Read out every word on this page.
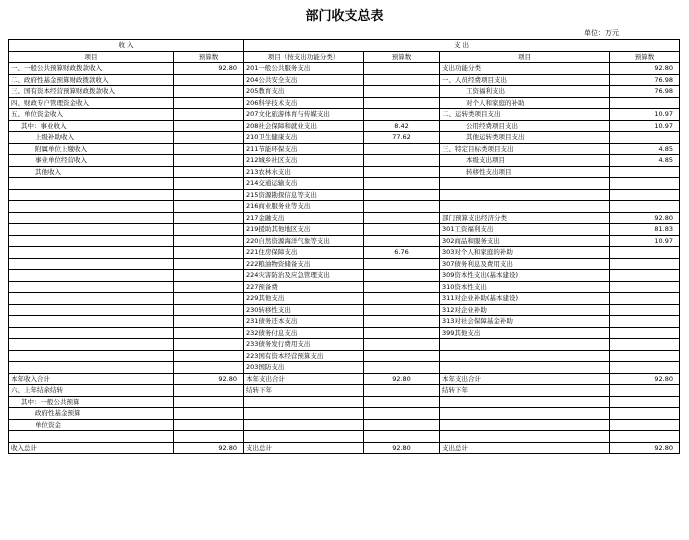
部门收支总表
单位：万元
收 入		支 出			
项目	预算数	项目（按支出功能分类）	预算数	项目	预算数
一、一般公共预算财政拨款收入	92.80	201一般公共服务支出		支出功能分类	92.80
二、政府性基金预算财政拨款收入		204公共安全支出		一、人员经费项目支出	76.98
三、国有资本经营预算财政拨款收入		205教育支出		工资福利支出	76.98
四、财政专户管理资金收入		206科学技术支出		对个人和家庭的补助	
五、单位资金收入		207文化旅游体育与传媒支出		二、运转类项目支出	10.97
其中：事业收入		208社会保障和就业支出	8.42	公用经费项目支出	10.97
上级补助收入		210卫生健康支出	77.62	其他运转类项目支出	
附属单位上缴收入		211节能环保支出		三、特定目标类项目支出	4.85
事业单位经营收入		212城乡社区支出		本级支出项目	4.85
其他收入		213农林水支出		转移性支出项目	
		214交通运输支出			
		215资源勘探信息等支出			
		216商业服务业等支出			
		217金融支出		部门预算支出经济分类	92.80
		219援助其他地区支出		301工资福利支出	81.83
		220自然资源海洋气象等支出		302商品和服务支出	10.97
		221住房保障支出	6.76	303对个人和家庭的补助	
		222粮油物资储备支出		307债务利息及费用支出	
		224灾害防治及应急管理支出		309资本性支出(基本建设)	
		227预备费		310资本性支出	
		229其他支出		311对企业补助(基本建设)	
		230转移性支出		312对企业补助	
		231债务还本支出		313对社会保障基金补助	
		232债务付息支出		399其他支出	
		233债务发行费用支出			
		223国有资本经营预算支出			
		203国防支出			
本年收入合计	92.80	本年支出合计	92.80	本年支出合计	92.80
六、上年结余结转		结转下年		结转下年	
其中：一般公共预算					
政府性基金预算					
单位资金					

收入总计	92.80	支出总计	92.80	支出总计	92.80
